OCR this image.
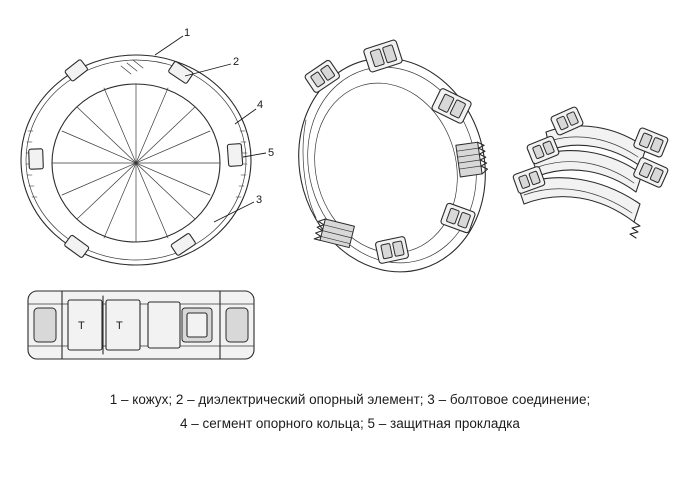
1
2
4
5
3
T	T
1 – кожух; 2 – диэлектрический опорный элемент; 3 – болтовое соединение;
4 – сегмент опорного кольца; 5 – защитная прокладка
